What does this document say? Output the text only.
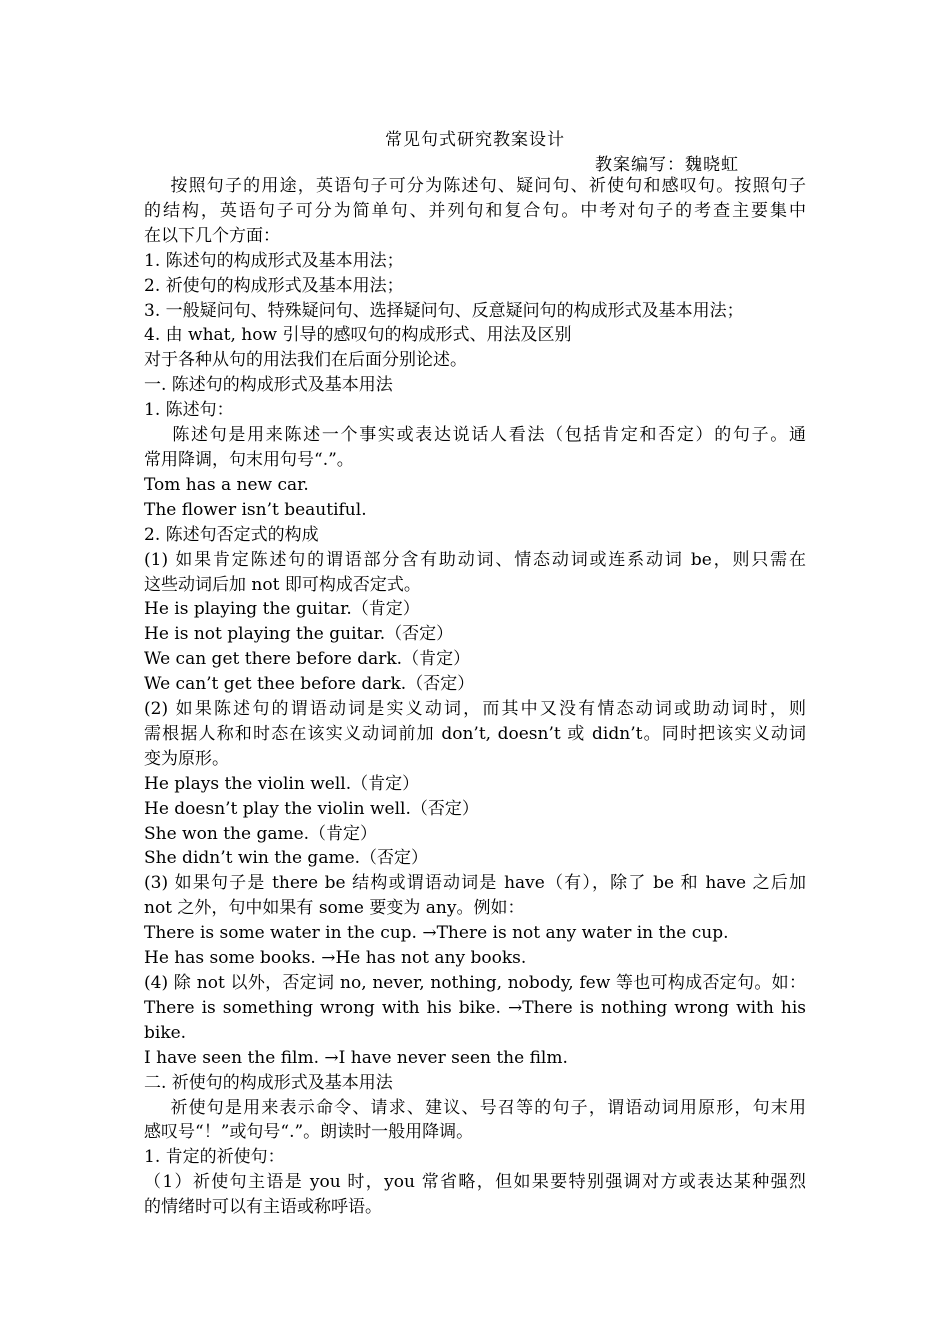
常见句式研究教案设计
教案编写：魏晓虹
按照句子的用途，英语句子可分为陈述句、疑问句、祈使句和感叹句。按照句子
的结构，英语句子可分为简单句、并列句和复合句。中考对句子的考查主要集中
在以下几个方面：
1. 陈述句的构成形式及基本用法；
2. 祈使句的构成形式及基本用法；
3. 一般疑问句、特殊疑问句、选择疑问句、反意疑问句的构成形式及基本用法；
4. 由 what, how 引导的感叹句的构成形式、用法及区别
对于各种从句的用法我们在后面分别论述。
一. 陈述句的构成形式及基本用法
1. 陈述句：
陈述句是用来陈述一个事实或表达说话人看法（包括肯定和否定）的句子。通
常用降调，句末用句号“.”。
Tom has a new car.
The flower isn’t beautiful.
2. 陈述句否定式的构成
(1) 如果肯定陈述句的谓语部分含有助动词、情态动词或连系动词 be，则只需在
这些动词后加 not 即可构成否定式。
He is playing the guitar.（肯定）
He is not playing the guitar.（否定）
We can get there before dark.（肯定）
We can’t get thee before dark.（否定）
(2) 如果陈述句的谓语动词是实义动词，而其中又没有情态动词或助动词时，则
需根据人称和时态在该实义动词前加 don’t, doesn’t 或 didn’t。同时把该实义动词
变为原形。
He plays the violin well.（肯定）
He doesn’t play the violin well.（否定）
She won the game.（肯定）
She didn’t win the game.（否定）
(3) 如果句子是 there be 结构或谓语动词是 have（有），除了 be 和 have 之后加
not 之外，句中如果有 some 要变为 any。例如：
There is some water in the cup. →There is not any water in the cup.
He has some books. →He has not any books.
(4) 除 not 以外，否定词 no, never, nothing, nobody, few 等也可构成否定句。如：
There is something wrong with his bike. →There is nothing wrong with his
bike.
I have seen the film. →I have never seen the film.
二. 祈使句的构成形式及基本用法
祈使句是用来表示命令、请求、建议、号召等的句子，谓语动词用原形，句末用
感叹号“！”或句号“.”。朗读时一般用降调。
1. 肯定的祈使句：
（1）祈使句主语是 you 时，you 常省略，但如果要特别强调对方或表达某种强烈
的情绪时可以有主语或称呼语。
